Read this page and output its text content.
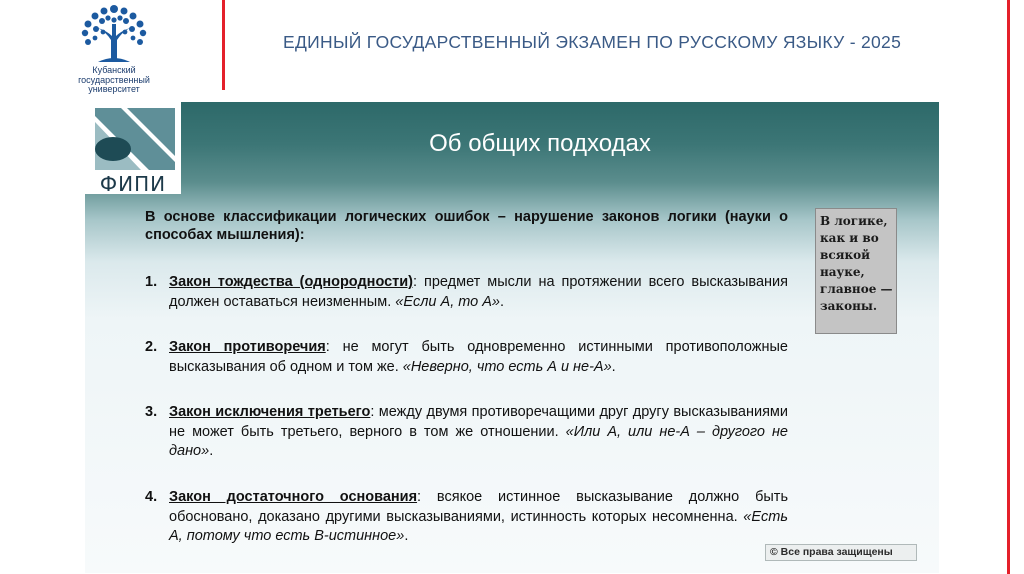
Кубанский
государственный
университет
ЕДИНЫЙ ГОСУДАРСТВЕННЫЙ ЭКЗАМЕН ПО РУССКОМУ ЯЗЫКУ - 2025
ФИПИ
Об общих подходах
В основе классификации логических ошибок – нарушение законов логики (науки о способах мышления):
1. Закон тождества (однородности): предмет мысли на протяжении всего высказывания должен оставаться неизменным. «Если А, то А».
2. Закон противоречия: не могут быть одновременно истинными противоположные высказывания об одном и том же. «Неверно, что есть А и не-А».
3. Закон исключения третьего: между двумя противоречащими друг другу высказываниями не может быть третьего, верного в том же отношении. «Или А, или не-А – другого не дано».
4. Закон достаточного основания: всякое истинное высказывание должно быть обосновано, доказано другими высказываниями, истинность которых несомненна. «Есть А, потому что есть В-истинное».
В логике, как и во всякой науке, главное — законы.
© Все права защищены
